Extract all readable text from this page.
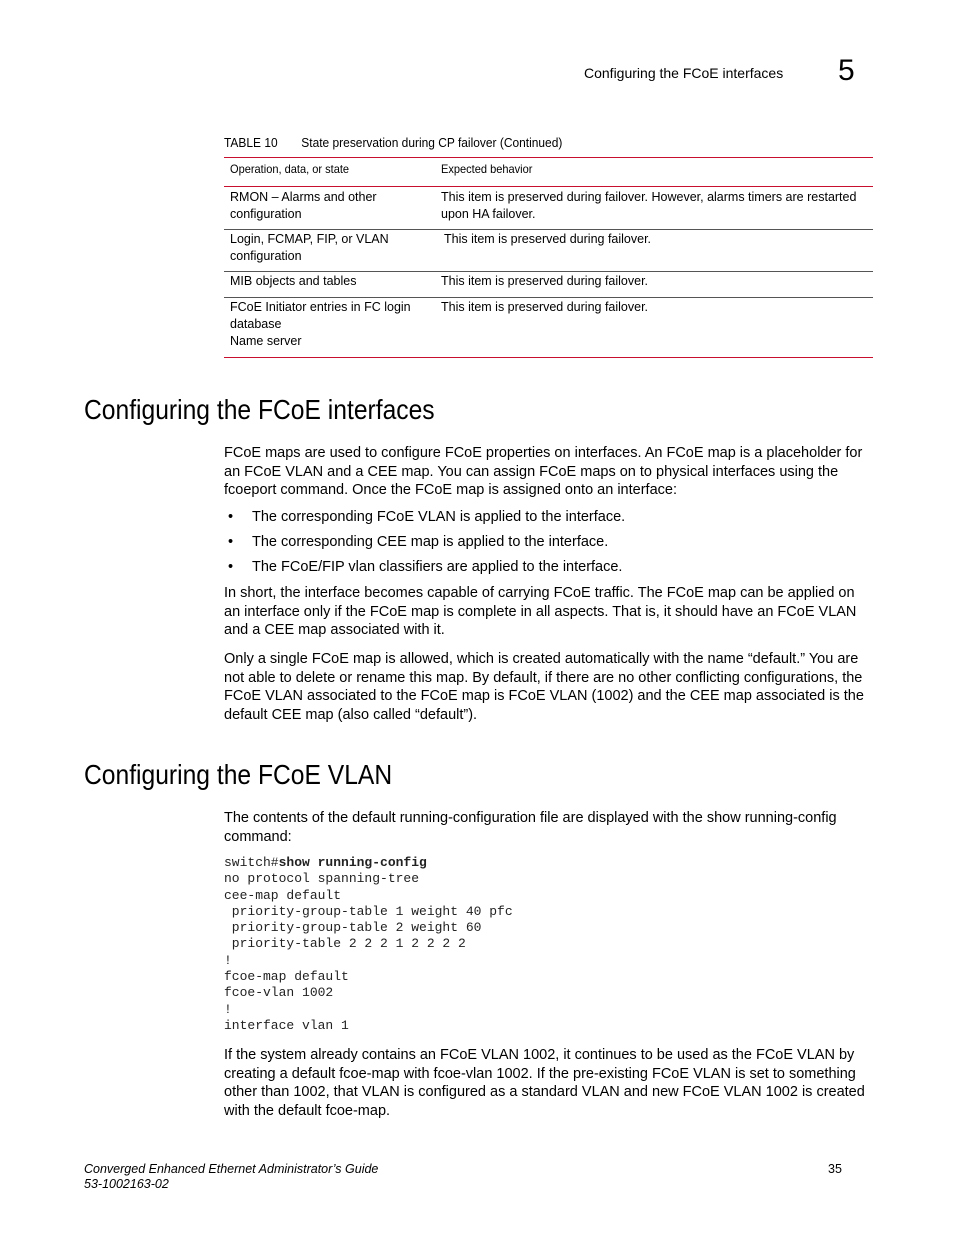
Configuring the FCoE interfaces 5
TABLE 10 State preservation during CP failover (Continued)
Operation, data, or state	Expected behavior
RMON – Alarms and other
configuration
This item is preserved during failover. However, alarms timers are restarted
upon HA failover.
Login, FCMAP, FIP, or VLAN
configuration
This item is preserved during failover.
MIB objects and tables	This item is preserved during failover.
FCoE Initiator entries in FC login
database
Name server
This item is preserved during failover.
Configuring the FCoE interfaces

FCoE maps are used to configure FCoE properties on interfaces. An FCoE map is a placeholder for an FCoE VLAN and a CEE map. You can assign FCoE maps on to physical interfaces using the fcoeport command. Once the FCoE map is assigned onto an interface:

• The corresponding FCoE VLAN is applied to the interface.
• The corresponding CEE map is applied to the interface.
• The FCoE/FIP vlan classifiers are applied to the interface.

In short, the interface becomes capable of carrying FCoE traffic. The FCoE map can be applied on an interface only if the FCoE map is complete in all aspects. That is, it should have an FCoE VLAN and a CEE map associated with it.

Only a single FCoE map is allowed, which is created automatically with the name “default.” You are not able to delete or rename this map. By default, if there are no other conflicting configurations, the FCoE VLAN associated to the FCoE map is FCoE VLAN (1002) and the CEE map associated is the default CEE map (also called “default”).

Configuring the FCoE VLAN

The contents of the default running-configuration file are displayed with the show running-config command:

switch#show running-config
no protocol spanning-tree
cee-map default
priority-group-table 1 weight 40 pfc
priority-group-table 2 weight 60
priority-table 2 2 2 1 2 2 2 2
!
fcoe-map default
fcoe-vlan 1002
!
interface vlan 1

If the system already contains an FCoE VLAN 1002, it continues to be used as the FCoE VLAN by creating a default fcoe-map with fcoe-vlan 1002. If the pre-existing FCoE VLAN is set to something other than 1002, that VLAN is configured as a standard VLAN and new FCoE VLAN 1002 is created with the default fcoe-map.

Converged Enhanced Ethernet Administrator’s Guide
53-1002163-02
35
